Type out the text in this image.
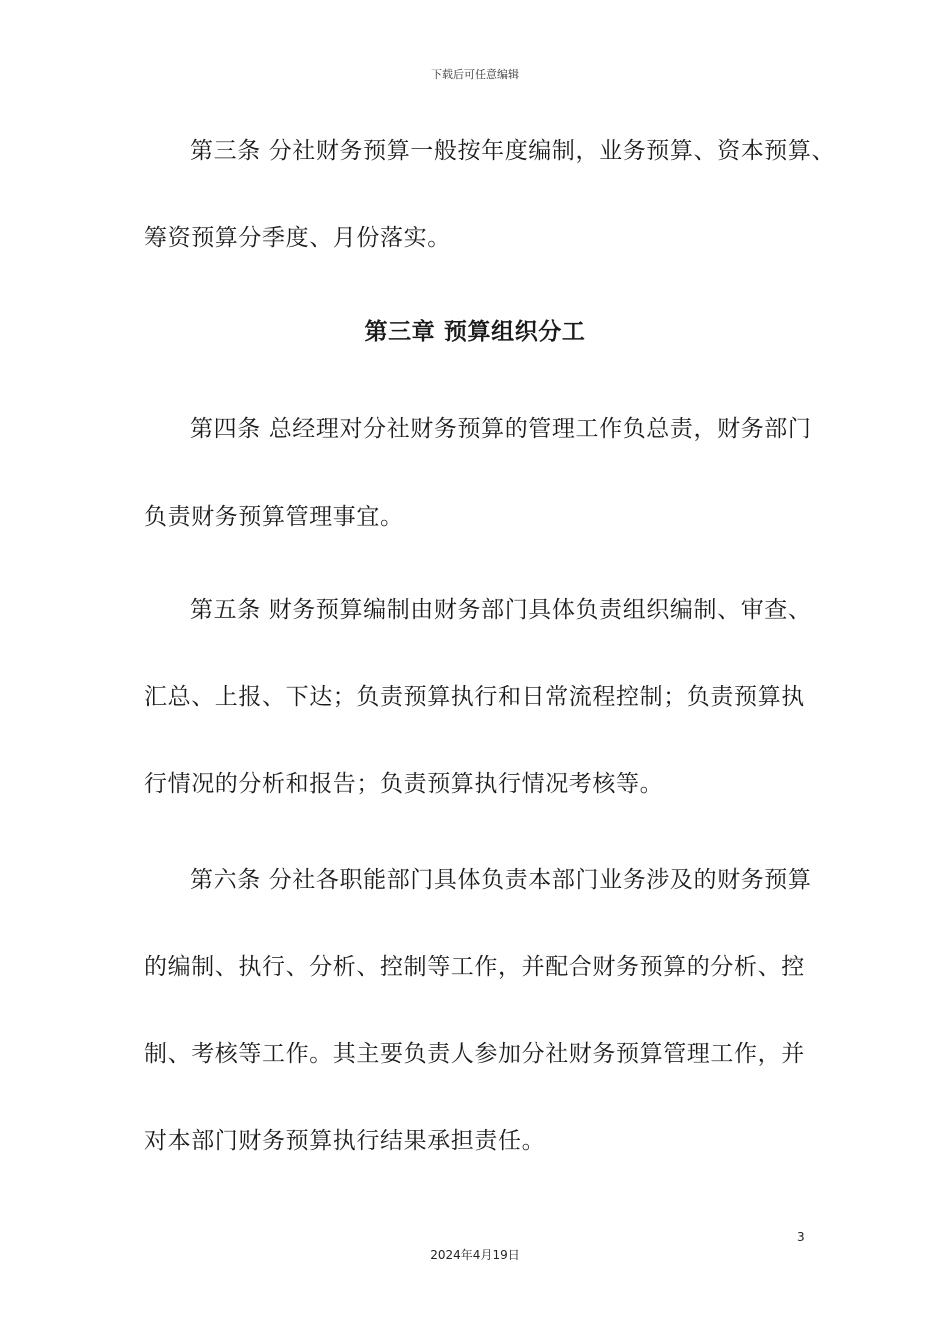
下载后可任意编辑
第三条 分社财务预算一般按年度编制，业务预算、资本预算、
筹资预算分季度、月份落实。
第三章 预算组织分工
第四条 总经理对分社财务预算的管理工作负总责，财务部门
负责财务预算管理事宜。
第五条 财务预算编制由财务部门具体负责组织编制、审查、
汇总、上报、下达；负责预算执行和日常流程控制；负责预算执
行情况的分析和报告；负责预算执行情况考核等。
第六条 分社各职能部门具体负责本部门业务涉及的财务预算
的编制、执行、分析、控制等工作，并配合财务预算的分析、控
制、考核等工作。其主要负责人参加分社财务预算管理工作，并
对本部门财务预算执行结果承担责任。
3
2024年4月19日
